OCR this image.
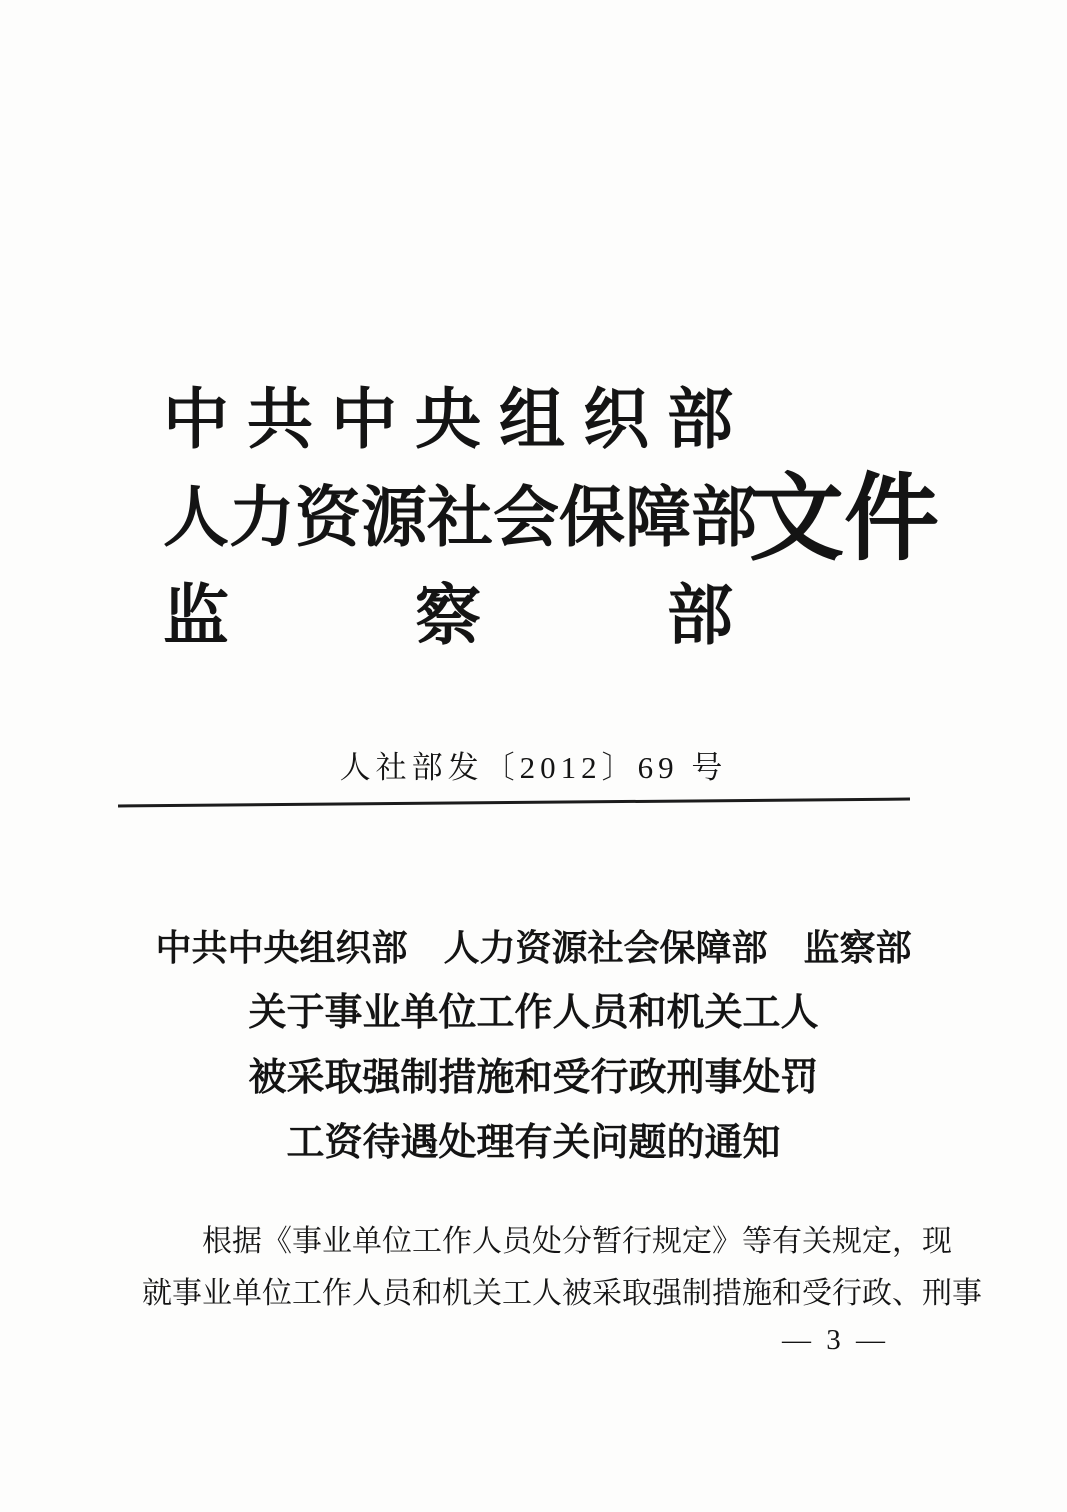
中共中央组织部
人力资源社会保障部
监察部
文件
人社部发〔2012〕69 号
中共中央组织部　人力资源社会保障部　监察部
关于事业单位工作人员和机关工人
被采取强制措施和受行政刑事处罚
工资待遇处理有关问题的通知
根据《事业单位工作人员处分暂行规定》等有关规定，现
就事业单位工作人员和机关工人被采取强制措施和受行政、刑事
— 3 —
